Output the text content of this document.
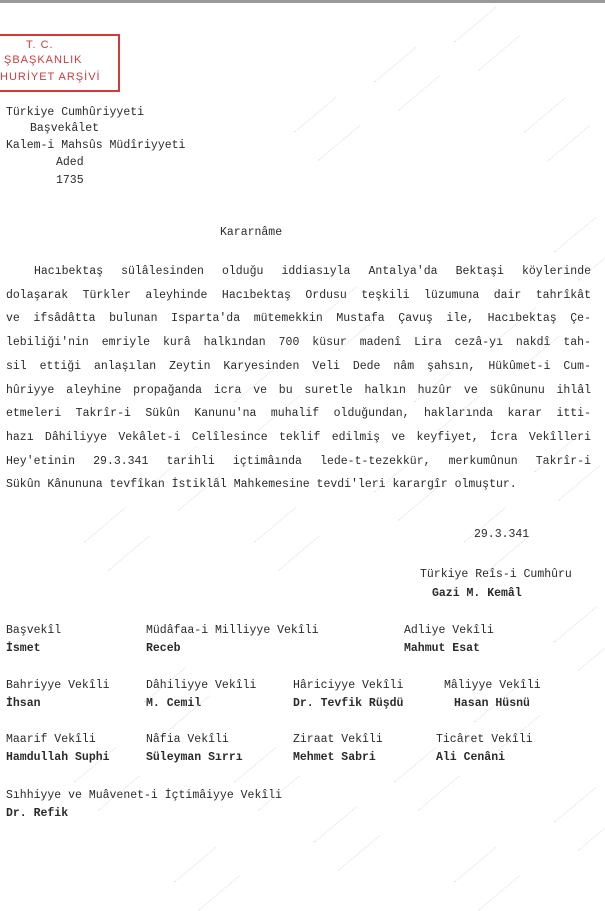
T. C.
ŞBAŞKANLIK
HURİYET ARŞİVİ
Türkiye Cumhûriyyeti
Başvekâlet
Kalem-i Mahsûs Müdîriyyeti
Aded
1735
Kararnâme
Hacıbektaş sülâlesinden olduğu iddiasıyla Antalya'da Bektaşi köylerinde
dolaşarak Türkler aleyhinde Hacıbektaş Ordusu teşkili lüzumuna dair tahrîkât
ve ifsâdâtta bulunan Isparta'da mütemekkin Mustafa Çavuş ile, Hacıbektaş Çe-
lebiliği'nin emriyle kurâ halkından 700 küsur madenî Lira cezâ-yı nakdî tah-
sil ettiği anlaşılan Zeytin Karyesinden Veli Dede nâm şahsın, Hükûmet-i Cum-
hûriyye aleyhine propağanda icra ve bu suretle halkın huzûr ve sükûnunu ihlâl
etmeleri Takrîr-i Sükûn Kanunu'na muhalif olduğundan, haklarında karar itti-
hazı Dâhiliyye Vekâlet-i Celîlesince teklif edilmiş ve keyfiyet, İcra Vekîlleri
Hey'etinin 29.3.341 tarihli içtimâında lede-t-tezekkür, merkumûnun Takrîr-i
Sükûn Kânununa tevfîkan İstiklâl Mahkemesine tevdi'leri karargîr olmuştur.
29.3.341
Türkiye Reîs-i Cumhûru
Gazi M. Kemâl
Başvekîl
İsmet
Müdâfaa-i Milliyye Vekîli
Receb
Adliye Vekîli
Mahmut Esat
Bahriyye Vekîli
İhsan
Dâhiliyye Vekîli
M. Cemil
Hâriciyye Vekîli
Dr. Tevfik Rüşdü
Mâliyye Vekîli
Hasan Hüsnü
Maarif Vekîli
Hamdullah Suphi
Nâfia Vekîli
Süleyman Sırrı
Ziraat Vekîli
Mehmet Sabri
Ticâret Vekîli
Ali Cenâni
Sıhhiyye ve Muâvenet-i İçtimâiyye Vekîli
Dr. Refik
